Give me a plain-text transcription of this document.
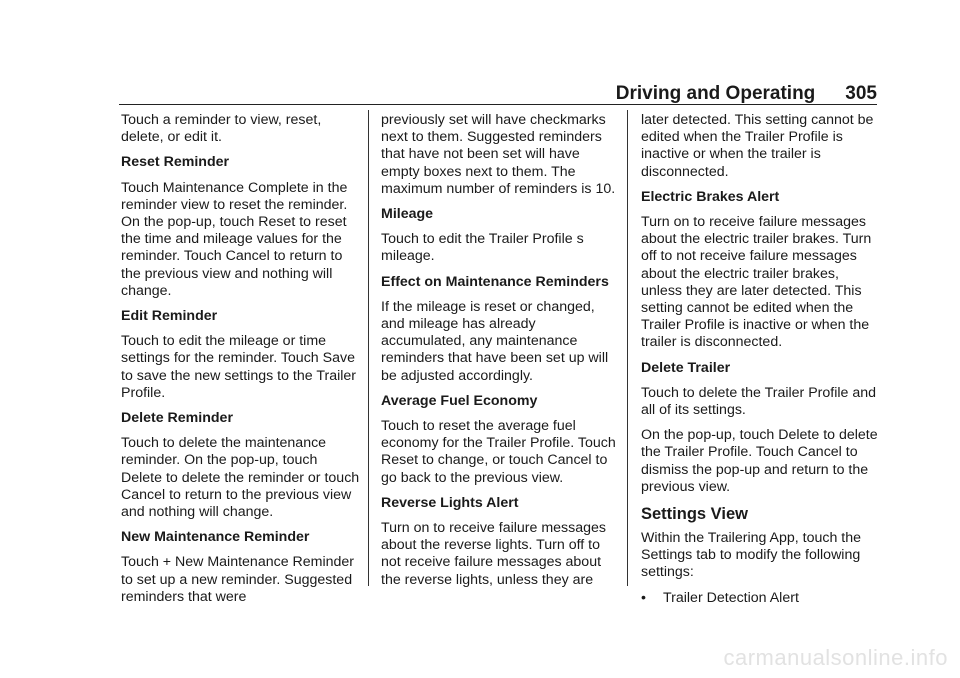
Driving and Operating 305

Touch a reminder to view, reset, delete, or edit it.

Reset Reminder

Touch Maintenance Complete in the reminder view to reset the reminder. On the pop-up, touch Reset to reset the time and mileage values for the reminder. Touch Cancel to return to the previous view and nothing will change.

Edit Reminder

Touch to edit the mileage or time settings for the reminder. Touch Save to save the new settings to the Trailer Profile.

Delete Reminder

Touch to delete the maintenance reminder. On the pop-up, touch Delete to delete the reminder or touch Cancel to return to the previous view and nothing will change.

New Maintenance Reminder

Touch + New Maintenance Reminder to set up a new reminder. Suggested reminders that were

previously set will have checkmarks next to them. Suggested reminders that have not been set will have empty boxes next to them. The maximum number of reminders is 10.

Mileage

Touch to edit the Trailer Profile s mileage.

Effect on Maintenance Reminders

If the mileage is reset or changed, and mileage has already accumulated, any maintenance reminders that have been set up will be adjusted accordingly.

Average Fuel Economy

Touch to reset the average fuel economy for the Trailer Profile. Touch Reset to change, or touch Cancel to go back to the previous view.

Reverse Lights Alert

Turn on to receive failure messages about the reverse lights. Turn off to not receive failure messages about the reverse lights, unless they are

later detected. This setting cannot be edited when the Trailer Profile is inactive or when the trailer is disconnected.

Electric Brakes Alert

Turn on to receive failure messages about the electric trailer brakes. Turn off to not receive failure messages about the electric trailer brakes, unless they are later detected. This setting cannot be edited when the Trailer Profile is inactive or when the trailer is disconnected.

Delete Trailer

Touch to delete the Trailer Profile and all of its settings.

On the pop-up, touch Delete to delete the Trailer Profile. Touch Cancel to dismiss the pop-up and return to the previous view.

Settings View

Within the Trailering App, touch the Settings tab to modify the following settings:

•	Trailer Detection Alert
carmanualsonline.info
